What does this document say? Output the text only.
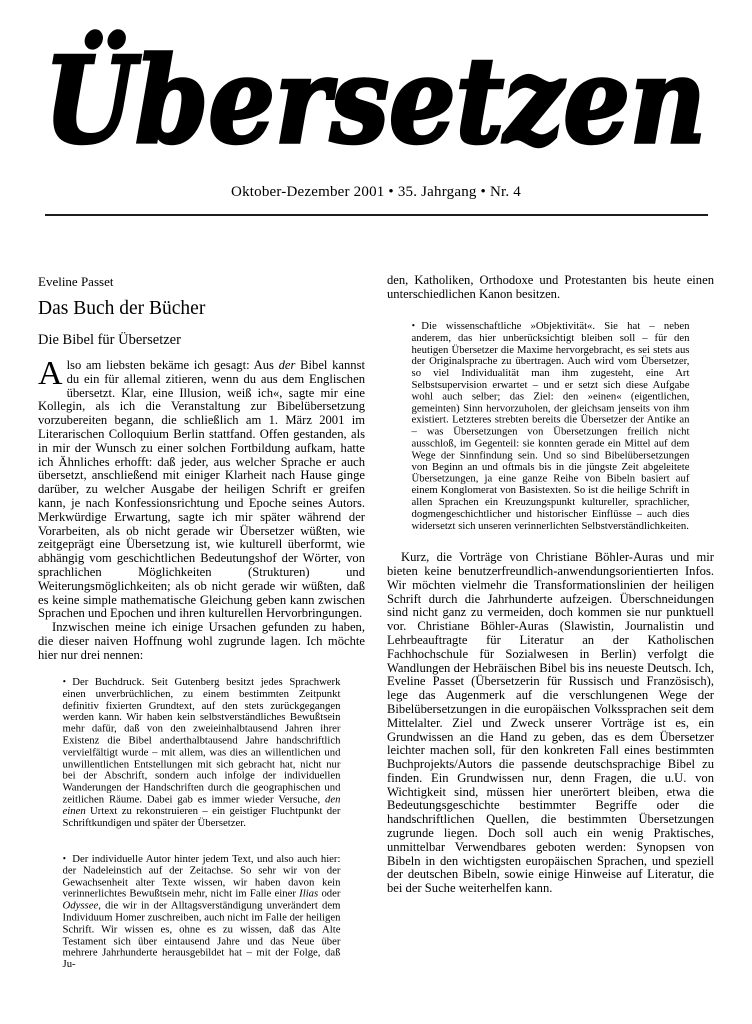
Übersetzen
Oktober-Dezember 2001 • 35. Jahrgang • Nr. 4
Eveline Passet
Das Buch der Bücher
Die Bibel für Übersetzer

Also am liebsten bekäme ich gesagt: Aus der Bibel kannst du ein für allemal zitieren, wenn du aus dem Englischen übersetzt. Klar, eine Illusion, weiß ich«, sagte mir eine Kollegin, als ich die Veranstaltung zur Bibelübersetzung vorzubereiten begann, die schließlich am 1. März 2001 im Literarischen Colloquium Berlin stattfand. Offen gestanden, als in mir der Wunsch zu einer solchen Fortbildung aufkam, hatte ich Ähnliches erhofft: daß jeder, aus welcher Sprache er auch übersetzt, anschließend mit einiger Klarheit nach Hause ginge darüber, zu welcher Ausgabe der heiligen Schrift er greifen kann, je nach Konfessionsrichtung und Epoche seines Autors. Merkwürdige Erwartung, sagte ich mir später während der Vorarbeiten, als ob nicht gerade wir Übersetzer wüßten, wie zeitgeprägt eine Übersetzung ist, wie kulturell überformt, wie abhängig vom geschichtlichen Bedeutungshof der Wörter, von sprachlichen Möglichkeiten (Strukturen) und Weiterungsmöglichkeiten; als ob nicht gerade wir wüßten, daß es keine simple mathematische Gleichung geben kann zwischen Sprachen und Epochen und ihren kulturellen Hervorbringungen.

Inzwischen meine ich einige Ursachen gefunden zu haben, die dieser naiven Hoffnung wohl zugrunde lagen. Ich möchte hier nur drei nennen:

• Der Buchdruck. Seit Gutenberg besitzt jedes Sprachwerk einen unverbrüchlichen, zu einem bestimmten Zeitpunkt definitiv fixierten Grundtext, auf den stets zurückgegangen werden kann. Wir haben kein selbstverständliches Bewußtsein mehr dafür, daß von den zweieinhalbtausend Jahren ihrer Existenz die Bibel anderthalbtausend Jahre handschriftlich vervielfältigt wurde – mit allem, was dies an willentlichen und unwillentlichen Entstellungen mit sich gebracht hat, nicht nur bei der Abschrift, sondern auch infolge der individuellen Wanderungen der Handschriften durch die geographischen und zeitlichen Räume. Dabei gab es immer wieder Versuche, den einen Urtext zu rekonstruieren – ein geistiger Fluchtpunkt der Schriftkundigen und später der Übersetzer.

• Der individuelle Autor hinter jedem Text, und also auch hier: der Nadeleinstich auf der Zeitachse. So sehr wir von der Gewachsenheit alter Texte wissen, wir haben davon kein verinnerlichtes Bewußtsein mehr, nicht im Falle einer Ilias oder Odyssee, die wir in der Alltagsverständigung unverändert dem Individuum Homer zuschreiben, auch nicht im Falle der heiligen Schrift. Wir wissen es, ohne es zu wissen, daß das Alte Testament sich über eintausend Jahre und das Neue über mehrere Jahrhunderte herausgebildet hat – mit der Folge, daß Ju-

den, Katholiken, Orthodoxe und Protestanten bis heute einen unterschiedlichen Kanon besitzen.

• Die wissenschaftliche »Objektivität«. Sie hat – neben anderem, das hier unberücksichtigt bleiben soll – für den heutigen Übersetzer die Maxime hervorgebracht, es sei stets aus der Originalsprache zu übertragen. Auch wird vom Übersetzer, so viel Individualität man ihm zugesteht, eine Art Selbstsupervision erwartet – und er setzt sich diese Aufgabe wohl auch selber; das Ziel: den »einen« (eigentlichen, gemeinten) Sinn hervorzuholen, der gleichsam jenseits von ihm existiert. Letzteres strebten bereits die Übersetzer der Antike an – was Übersetzungen von Übersetzungen freilich nicht ausschloß, im Gegenteil: sie konnten gerade ein Mittel auf dem Wege der Sinnfindung sein. Und so sind Bibelübersetzungen von Beginn an und oftmals bis in die jüngste Zeit abgeleitete Übersetzungen, ja eine ganze Reihe von Bibeln basiert auf einem Konglomerat von Basistexten. So ist die heilige Schrift in allen Sprachen ein Kreuzungspunkt kultureller, sprachlicher, dogmengeschichtlicher und historischer Einflüsse – auch dies widersetzt sich unseren verinnerlichten Selbstverständlichkeiten.

Kurz, die Vorträge von Christiane Böhler-Auras und mir bieten keine benutzerfreundlich-anwendungsorientierten Infos. Wir möchten vielmehr die Transformationslinien der heiligen Schrift durch die Jahrhunderte aufzeigen. Überschneidungen sind nicht ganz zu vermeiden, doch kommen sie nur punktuell vor. Christiane Böhler-Auras (Slawistin, Journalistin und Lehrbeauftragte für Literatur an der Katholischen Fachhochschule für Sozialwesen in Berlin) verfolgt die Wandlungen der Hebräischen Bibel bis ins neueste Deutsch. Ich, Eveline Passet (Übersetzerin für Russisch und Französisch), lege das Augenmerk auf die verschlungenen Wege der Bibelübersetzungen in die europäischen Volkssprachen seit dem Mittelalter. Ziel und Zweck unserer Vorträge ist es, ein Grundwissen an die Hand zu geben, das es dem Übersetzer leichter machen soll, für den konkreten Fall eines bestimmten Buchprojekts/Autors die passende deutschsprachige Bibel zu finden. Ein Grundwissen nur, denn Fragen, die u.U. von Wichtigkeit sind, müssen hier unerörtert bleiben, etwa die Bedeutungsgeschichte bestimmter Begriffe oder die handschriftlichen Quellen, die bestimmten Übersetzungen zugrunde liegen. Doch soll auch ein wenig Praktisches, unmittelbar Verwendbares geboten werden: Synopsen von Bibeln in den wichtigsten europäischen Sprachen, und speziell der deutschen Bibeln, sowie einige Hinweise auf Literatur, die bei der Suche weiterhelfen kann.
